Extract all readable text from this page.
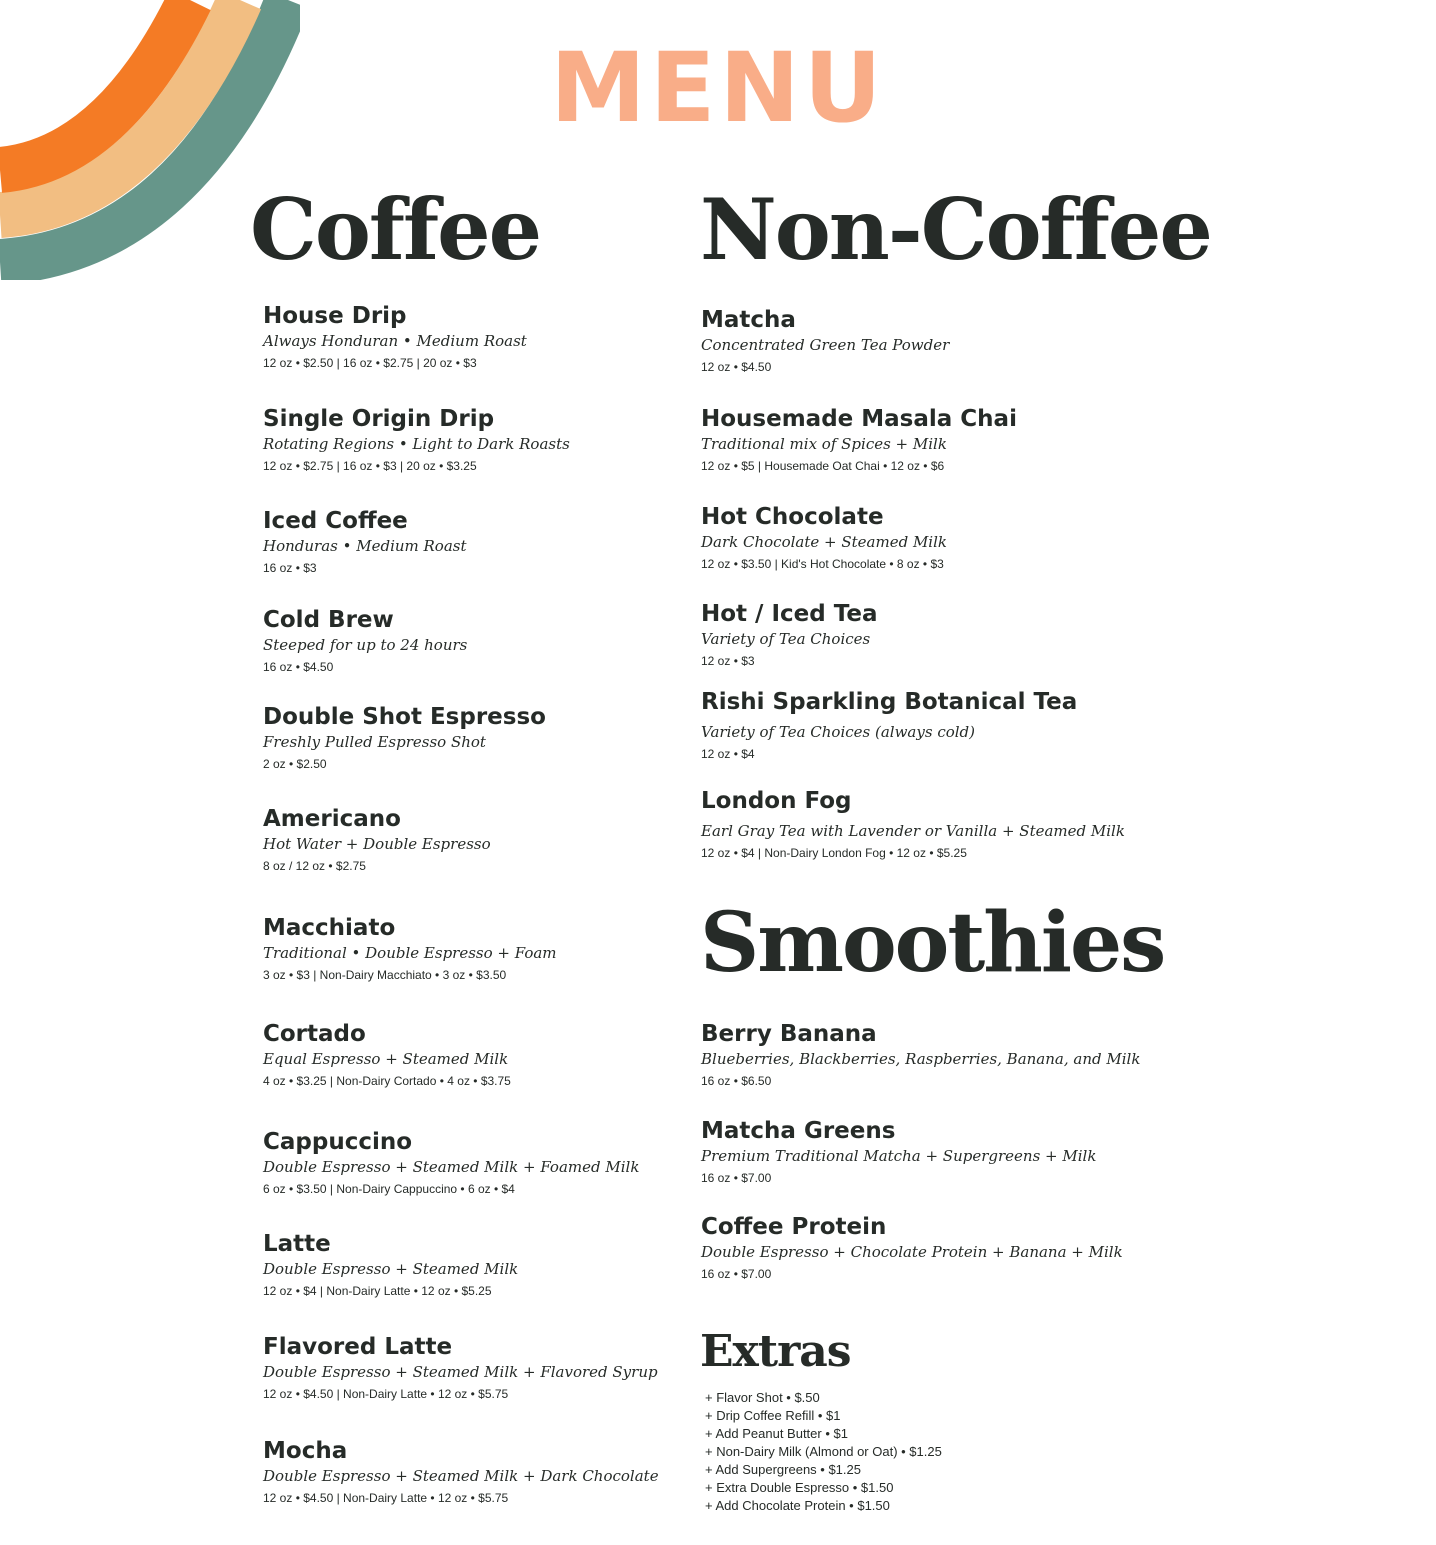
MENU
Coffee
House Drip
Always Honduran • Medium Roast
12 oz • $2.50 | 16 oz • $2.75 | 20 oz • $3
Single Origin Drip
Rotating Regions • Light to Dark Roasts
12 oz • $2.75 | 16 oz • $3 | 20 oz • $3.25
Iced Coffee
Honduras • Medium Roast
16 oz • $3
Cold Brew
Steeped for up to 24 hours
16 oz • $4.50
Double Shot Espresso
Freshly Pulled Espresso Shot
2 oz • $2.50
Americano
Hot Water + Double Espresso
8 oz / 12 oz • $2.75
Macchiato
Traditional • Double Espresso + Foam
3 oz • $3 | Non-Dairy Macchiato • 3 oz • $3.50
Cortado
Equal Espresso + Steamed Milk
4 oz • $3.25 | Non-Dairy Cortado • 4 oz • $3.75
Cappuccino
Double Espresso + Steamed Milk + Foamed Milk
6 oz • $3.50 | Non-Dairy Cappuccino • 6 oz • $4
Latte
Double Espresso + Steamed Milk
12 oz • $4 | Non-Dairy Latte • 12 oz • $5.25
Flavored Latte
Double Espresso + Steamed Milk + Flavored Syrup
12 oz • $4.50 | Non-Dairy Latte • 12 oz • $5.75
Mocha
Double Espresso + Steamed Milk + Dark Chocolate
12 oz • $4.50 | Non-Dairy Latte • 12 oz • $5.75
Non-Coffee
Matcha
Concentrated Green Tea Powder
12 oz • $4.50
Housemade Masala Chai
Traditional mix of Spices + Milk
12 oz • $5 | Housemade Oat Chai • 12 oz • $6
Hot Chocolate
Dark Chocolate + Steamed Milk
12 oz • $3.50 | Kid's Hot Chocolate • 8 oz • $3
Hot / Iced Tea
Variety of Tea Choices
12 oz • $3
Rishi Sparkling Botanical Tea
Variety of Tea Choices (always cold)
12 oz • $4
London Fog
Earl Gray Tea with Lavender or Vanilla + Steamed Milk
12 oz • $4 | Non-Dairy London Fog • 12 oz • $5.25
Smoothies
Berry Banana
Blueberries, Blackberries, Raspberries, Banana, and Milk
16 oz • $6.50
Matcha Greens
Premium Traditional Matcha + Supergreens + Milk
16 oz • $7.00
Coffee Protein
Double Espresso + Chocolate Protein + Banana + Milk
16 oz • $7.00
Extras
+ Flavor Shot • $.50
+ Drip Coffee Refill • $1
+ Add Peanut Butter • $1
+ Non-Dairy Milk (Almond or Oat) • $1.25
+ Add Supergreens • $1.25
+ Extra Double Espresso • $1.50
+ Add Chocolate Protein • $1.50
